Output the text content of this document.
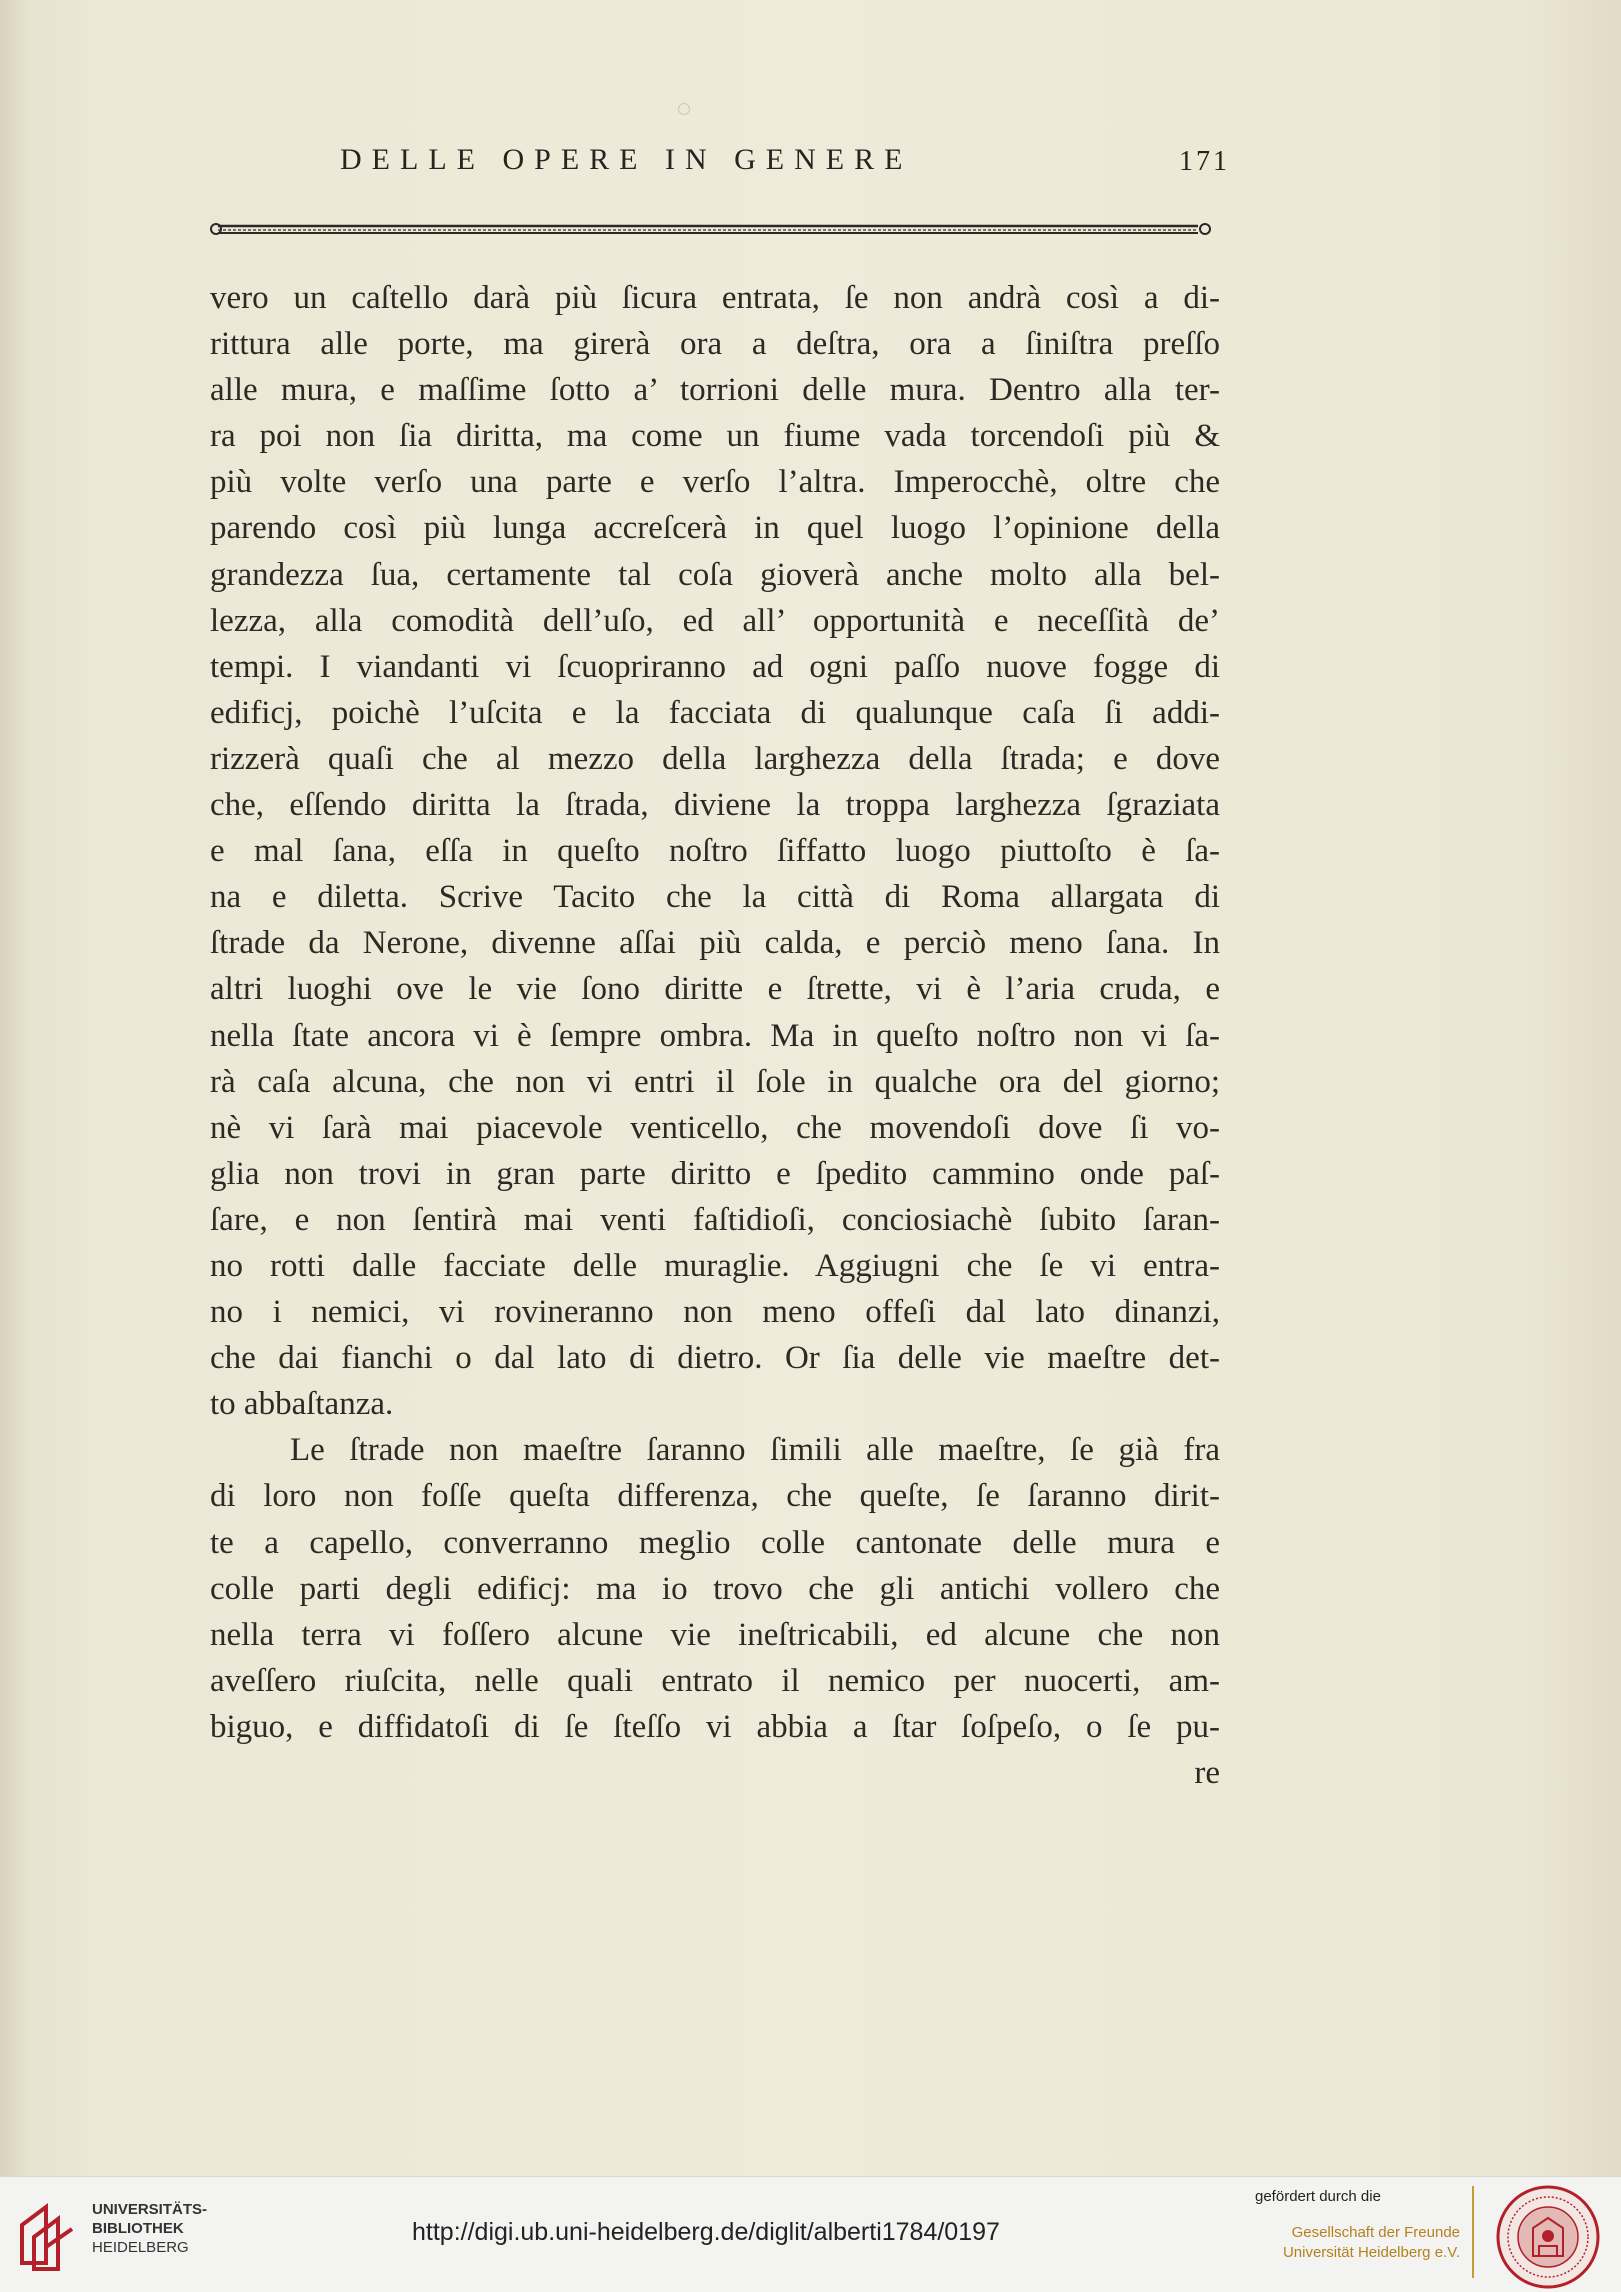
DELLE OPERE IN GENERE	171
vero un caſtello darà più ſicura entrata, ſe non andrà così a di-
rittura alle porte, ma girerà ora a deſtra, ora a ſiniſtra preſſo
alle mura, e maſſime ſotto a’ torrioni delle mura. Dentro alla ter-
ra poi non ſia diritta, ma come un fiume vada torcendoſi più &
più volte verſo una parte e verſo l’altra. Imperocchè, oltre che
parendo così più lunga accreſcerà in quel luogo l’opinione della
grandezza ſua, certamente tal coſa gioverà anche molto alla bel-
lezza, alla comodità dell’uſo, ed all’ opportunità e neceſſità de’
tempi. I viandanti vi ſcuopriranno ad ogni paſſo nuove fogge di
edificj, poichè l’uſcita e la facciata di qualunque caſa ſi addi-
rizzerà quaſi che al mezzo della larghezza della ſtrada; e dove
che, eſſendo diritta la ſtrada, diviene la troppa larghezza ſgraziata
e mal ſana, eſſa in queſto noſtro ſiffatto luogo piuttoſto è ſa-
na e diletta. Scrive Tacito che la città di Roma allargata di
ſtrade da Nerone, divenne aſſai più calda, e perciò meno ſana. In
altri luoghi ove le vie ſono diritte e ſtrette, vi è l’aria cruda, e
nella ſtate ancora vi è ſempre ombra. Ma in queſto noſtro non vi ſa-
rà caſa alcuna, che non vi entri il ſole in qualche ora del giorno;
nè vi ſarà mai piacevole venticello, che movendoſi dove ſi vo-
glia non trovi in gran parte diritto e ſpedito cammino onde paſ-
ſare, e non ſentirà mai venti faſtidioſi, conciosiachè ſubito ſaran-
no rotti dalle facciate delle muraglie. Aggiugni che ſe vi entra-
no i nemici, vi rovineranno non meno offeſi dal lato dinanzi,
che dai fianchi o dal lato di dietro. Or ſia delle vie maeſtre det-
to abbaſtanza.
Le ſtrade non maeſtre ſaranno ſimili alle maeſtre, ſe già fra
di loro non foſſe queſta differenza, che queſte, ſe ſaranno dirit-
te a capello, converranno meglio colle cantonate delle mura e
colle parti degli edificj: ma io trovo che gli antichi vollero che
nella terra vi foſſero alcune vie ineſtricabili, ed alcune che non
aveſſero riuſcita, nelle quali entrato il nemico per nuocerti, am-
biguo, e diffidatoſi di ſe ſteſſo vi abbia a ſtar ſoſpeſo, o ſe pu-
re
UNIVERSITÄTS-
BIBLIOTHEK
HEIDELBERG
http://digi.ub.uni-heidelberg.de/diglit/alberti1784/0197
gefördert durch die
Gesellschaft der Freunde
Universität Heidelberg e.V.
